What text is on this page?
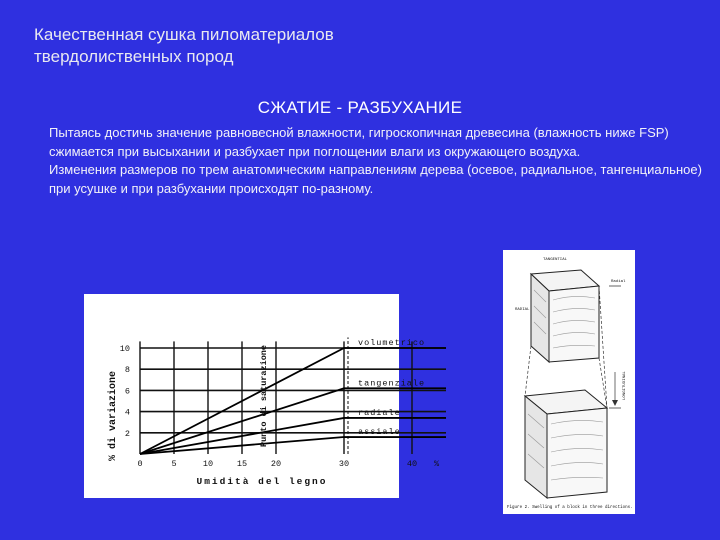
Качественная сушка пиломатериалов
твердолиственных пород
СЖАТИЕ - РАЗБУХАНИЕ

Пытаясь достичь значение равновесной влажности, гигроскопичная древесина (влажность ниже FSP) сжимается при высыхании и разбухает при поглощении влаги из окружающего воздуха.

Изменения размеров по трем анатомическим направлениям дерева (осевое, радиальное, тангенциальное) при усушке и при разбухании происходят по-разному.

volumetrico
tangenziale
radiale
assiale
2
4
6
8
10
0	5	10	15	20	30	40 %
% di variazione	Punto di saturazione
Umidità del legno
TANGENTIAL
Radial
RADIAL
LONGITUDINAL
Figure 2. Swelling of a block in three directions.
